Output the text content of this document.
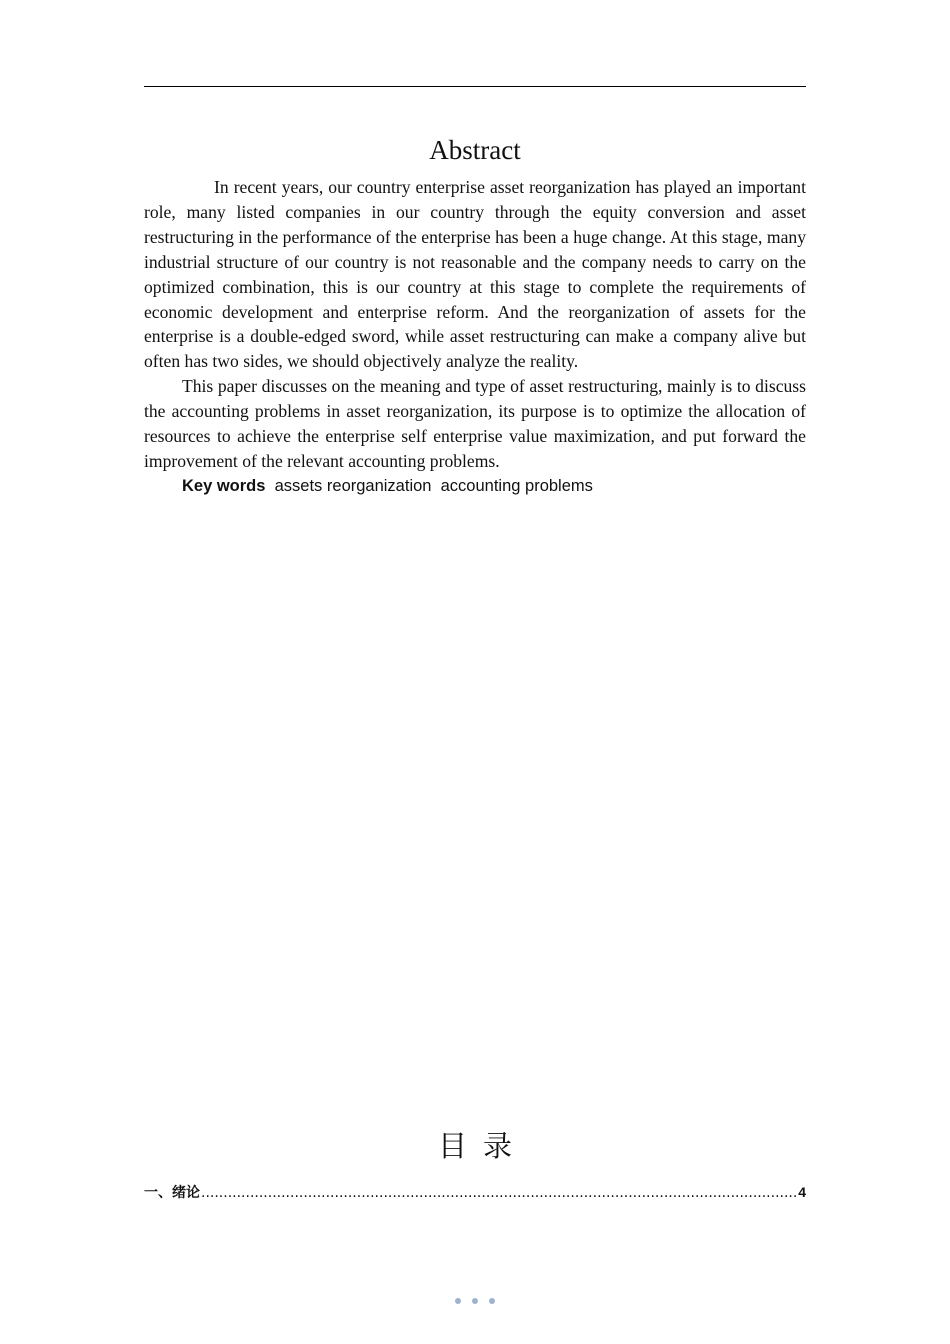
Abstract

In recent years, our country enterprise asset reorganization has played an important role, many listed companies in our country through the equity conversion and asset restructuring in the performance of the enterprise has been a huge change. At this stage, many industrial structure of our country is not reasonable and the company needs to carry on the optimized combination, this is our country at this stage to complete the requirements of economic development and enterprise reform. And the reorganization of assets for the enterprise is a double-edged sword, while asset restructuring can make a company alive but often has two sides, we should objectively analyze the reality.

This paper discusses on the meaning and type of asset restructuring, mainly is to discuss the accounting problems in asset reorganization, its purpose is to optimize the allocation of resources to achieve the enterprise self enterprise value maximization, and put forward the improvement of the relevant accounting problems.

Key words  assets reorganization  accounting problems

目录
一、绪论
.....	4
